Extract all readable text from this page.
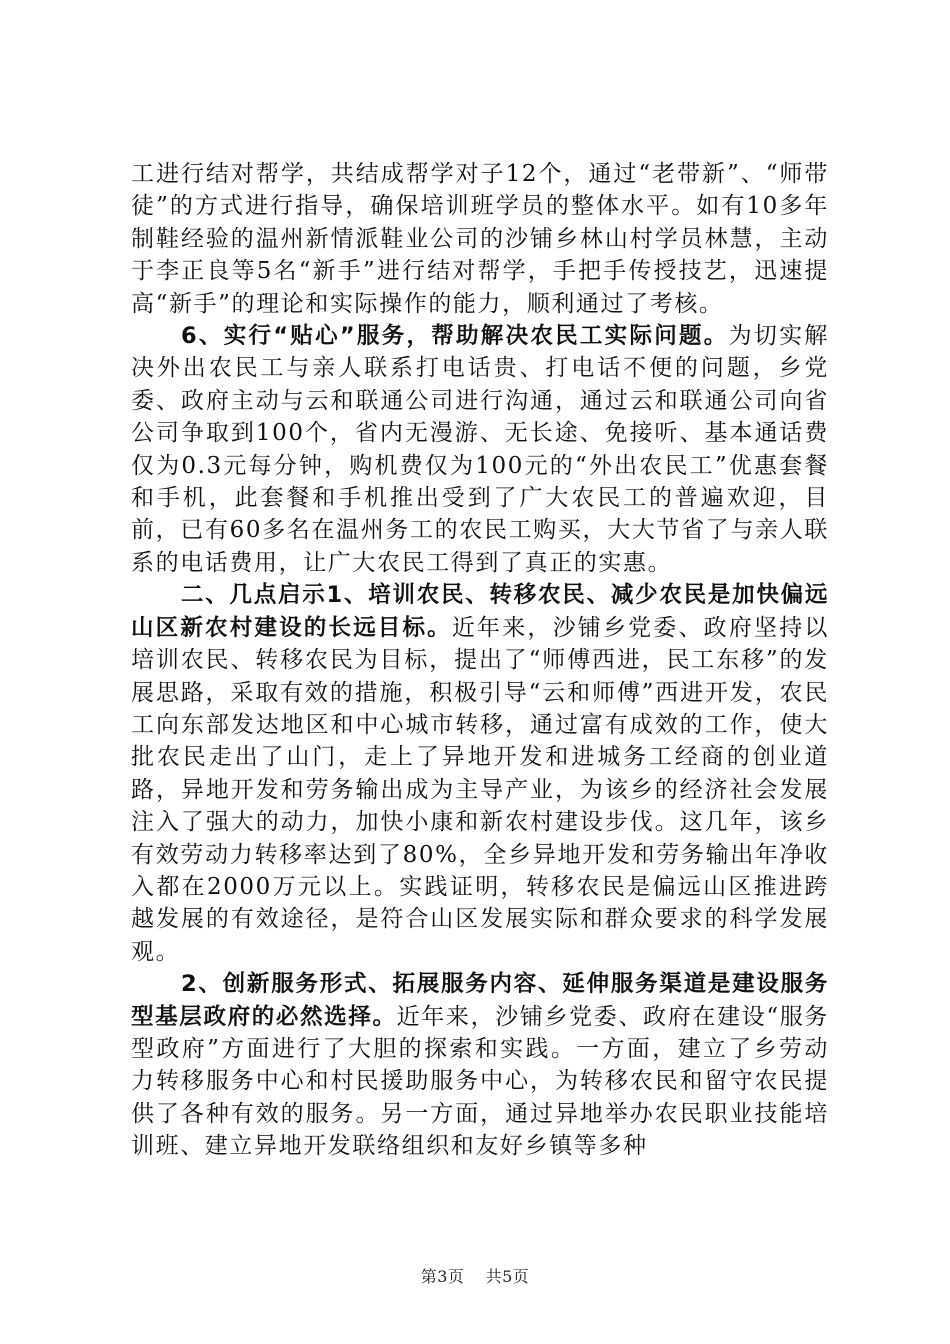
工进行结对帮学，共结成帮学对子12个，通过“老带新”、“师带徒”的方式进行指导，确保培训班学员的整体水平。如有10多年制鞋经验的温州新情派鞋业公司的沙铺乡林山村学员林慧，主动于李正良等5名“新手”进行结对帮学，手把手传授技艺，迅速提高“新手”的理论和实际操作的能力，顺利通过了考核。

6、实行“贴心”服务，帮助解决农民工实际问题。为切实解决外出农民工与亲人联系打电话贵、打电话不便的问题，乡党委、政府主动与云和联通公司进行沟通，通过云和联通公司向省公司争取到100个，省内无漫游、无长途、免接听、基本通话费仅为0.3元每分钟，购机费仅为100元的“外出农民工”优惠套餐和手机，此套餐和手机推出受到了广大农民工的普遍欢迎，目前，已有60多名在温州务工的农民工购买，大大节省了与亲人联系的电话费用，让广大农民工得到了真正的实惠。

二、几点启示1、培训农民、转移农民、减少农民是加快偏远山区新农村建设的长远目标。近年来，沙铺乡党委、政府坚持以培训农民、转移农民为目标，提出了“师傅西进，民工东移”的发展思路，采取有效的措施，积极引导“云和师傅”西进开发，农民工向东部发达地区和中心城市转移，通过富有成效的工作，使大批农民走出了山门，走上了异地开发和进城务工经商的创业道路，异地开发和劳务输出成为主导产业，为该乡的经济社会发展注入了强大的动力，加快小康和新农村建设步伐。这几年，该乡有效劳动力转移率达到了80%，全乡异地开发和劳务输出年净收入都在2000万元以上。实践证明，转移农民是偏远山区推进跨越发展的有效途径，是符合山区发展实际和群众要求的科学发展观。

2、创新服务形式、拓展服务内容、延伸服务渠道是建设服务型基层政府的必然选择。近年来，沙铺乡党委、政府在建设“服务型政府”方面进行了大胆的探索和实践。一方面，建立了乡劳动力转移服务中心和村民援助服务中心，为转移农民和留守农民提供了各种有效的服务。另一方面，通过异地举办农民职业技能培训班、建立异地开发联络组织和友好乡镇等多种

第3页 共5页
